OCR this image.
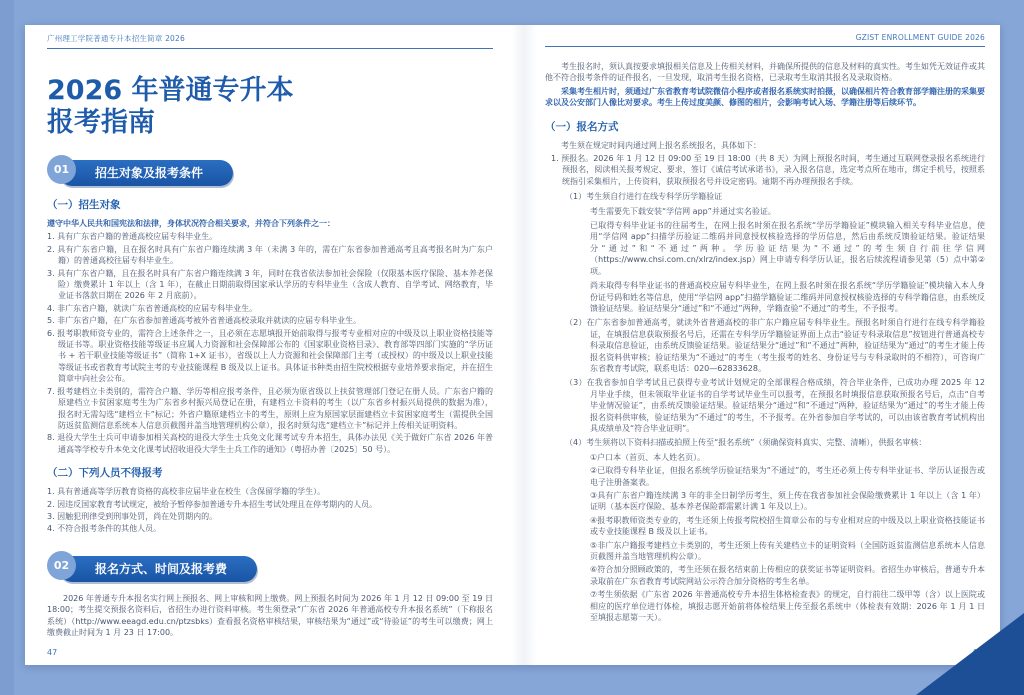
广州理工学院普通专升本招生简章 2026
2026 年普通专升本
报考指南
招生对象及报考条件
01
（一）招生对象

遵守中华人民共和国宪法和法律，身体状况符合相关要求，并符合下列条件之一：

1. 具有广东省户籍的普通高校应届专科毕业生。

2. 具有广东省户籍，且在报名时具有广东省户籍连续满 3 年（未满 3 年的，需在广东省参加普通高考且高考报名时为广东户籍）的普通高校往届专科毕业生。

3. 具有广东省户籍，且在报名时具有广东省户籍连续满 3 年，同时在我省依法参加社会保险（仅限基本医疗保险、基本养老保险）缴费累计 1 年以上（含 1 年），在截止日期前取得国家承认学历的专科毕业生（含成人教育、自学考试、网络教育，毕业证书落款日期在 2026 年 2 月底前）。

4. 非广东省户籍，就读广东省普通高校的应届专科毕业生。

5. 非广东省户籍，在广东省参加普通高考被外省普通高校录取并就读的应届专科毕业生。

6. 报考职教师资专业的，需符合上述条件之一，且必须在志愿填报开始前取得与报考专业相对应的中级及以上职业资格技能等级证书等。职业资格技能等级证书应属人力资源和社会保障部公布的《国家职业资格目录》、教育部等四部门实施的“学历证书 + 若干职业技能等级证书”（简称 1+X 证书），省级以上人力资源和社会保障部门主考（或授权）的中级及以上职业技能等级证书或省教育考试院主考的专业技能课程 B 级及以上证书。具体证书种类由招生院校根据专业培养要求指定，并在招生简章中向社会公布。

7. 报考建档立卡类别的，需符合户籍、学历等相应报考条件，且必须为原省级以上扶贫管理部门登记在册人员。广东省户籍的原建档立卡贫困家庭考生为广东省乡村振兴局登记在册，有建档立卡资料的考生（以广东省乡村振兴局提供的数据为准），报名时无需勾选“建档立卡”标记；外省户籍原建档立卡的考生，原则上应为原国家层面建档立卡贫困家庭考生（需提供全国防返贫监测信息系统本人信息页截图并盖当地管理机构公章），报名时须勾选“建档立卡”标记并上传相关证明资料。

8. 退役大学生士兵可申请参加相关高校的退役大学生士兵免文化课考试专升本招生，具体办法见《关于做好广东省 2026 年普通高等学校专升本免文化课考试招收退役大学生士兵工作的通知》（粤招办普〔2025〕50 号）。

（二）下列人员不得报考

1. 具有普通高等学历教育资格的高校非应届毕业在校生（含保留学籍的学生）。

2. 因违反国家教育考试规定，被给予暂停参加普通专升本招生考试处理且在停考期内的人员。

3. 因触犯刑律受到刑事处罚，尚在处罚期内的。

4. 不符合报考条件的其他人员。

报名方式、时间及报考费
02

2026 年普通专升本报名实行网上预报名、网上审核和网上缴费。网上预报名时间为 2026 年 1 月 12 日 09:00 至 19 日 18:00；考生提交预报名资料后，省招生办进行资料审核。考生须登录“广东省 2026 年普通高校专升本报名系统”（下称报名系统）（http://www.eeagd.edu.cn/ptzsbks）查看报名资格审核结果，审核结果为“通过”或“待验证”的考生可以缴费；网上缴费截止时间为 1 月 23 日 17:00。

GZIST ENROLLMENT GUIDE 2026

考生报名时，须认真按要求填报相关信息及上传相关材料，并确保所提供的信息及材料的真实性。考生如凭无效证件或其他不符合报考条件的证件报名，一旦发现，取消考生报名资格，已录取考生取消其报名及录取资格。

采集考生相片时，须通过广东省教育考试院微信小程序或者报名系统实时拍摄，以确保相片符合教育部学籍注册的采集要求以及公安部门人像比对要求。考生上传过度美颜、修图的相片，会影响考试入场、学籍注册等后续环节。

（一）报名方式

考生须在规定时间内通过网上报名系统报名，具体如下：

1. 预报名。2026 年 1 月 12 日 09:00 至 19 日 18:00（共 8 天）为网上预报名时间，考生通过互联网登录报名系统进行预报名，阅读相关报考规定、要求，签订《诚信考试承诺书》，录入报名信息，选定考点所在地市，绑定手机号，按照系统指引采集相片，上传资料，获取预报名号并设定密码。逾期不再办理预报名手续。

（1）考生须自行进行在线专科学历学籍验证

考生需要先下载安装“学信网 app”并通过实名验证。

已取得专科毕业证书的往届考生，在网上报名时须在报名系统“学历学籍验证”模块输入相关专科毕业信息，使用“学信网 app”扫描学历验证二维码并同意授权核验选择的学历信息，然后由系统反馈验证结果。验证结果分“通过”和“不通过”两种。学历验证结果为“不通过”的考生须自行前往学信网（https://www.chsi.com.cn/xlrz/index.jsp）网上申请专科学历认证，报名后续流程请参见第（5）点中第②项。

尚未取得专科毕业证书的普通高校应届专科毕业生，在网上报名时须在报名系统“学历学籍验证”模块输入本人身份证号码和姓名等信息，使用“学信网 app”扫描学籍验证二维码并同意授权核验选择的专科学籍信息，由系统反馈验证结果。验证结果分“通过”和“不通过”两种，学籍查验“不通过”的考生，不予报考。

（2）在广东省参加普通高考，就读外省普通高校的非广东户籍应届专科毕业生。预报名时须自行进行在线专科学籍验证，在填报信息获取预报名号后，还需在专科学历学籍验证界面上点击“验证专科录取信息”按钮进行普通高校专科录取信息验证，由系统反馈验证结果。验证结果分“通过”和“不通过”两种，验证结果为“通过”的考生才能上传报名资料供审核；验证结果为“不通过”的考生（考生报考的姓名、身份证号与专科录取时的不相符），可咨询广东省教育考试院，联系电话：020—62833628。

（3）在我省参加自学考试且已获得专业考试计划规定的全部课程合格成绩，符合毕业条件，已成功办理 2025 年 12 月毕业手续，但未领取毕业证书的自学考试毕业生可以报考，在预报名时填报信息获取预报名号后，点击“自考毕业情况验证”，由系统反馈验证结果。验证结果分“通过”和“不通过”两种，验证结果为“通过”的考生才能上传报名资料供审核，验证结果为“不通过”的考生，不予报考。在外省参加自学考试的，可以由该省教育考试机构出具成绩单及“符合毕业证明”。

（4）考生须将以下资料扫描或拍照上传至“报名系统”（须确保资料真实、完整、清晰），供报名审核：

①户口本（首页、本人姓名页）。

②已取得专科毕业证，但报名系统学历验证结果为“不通过”的，考生还必须上传专科毕业证书、学历认证报告或电子注册备案表。

③具有广东省户籍连续满 3 年的非全日制学历考生，须上传在我省参加社会保险缴费累计 1 年以上（含 1 年）证明（基本医疗保险、基本养老保险都需累计满 1 年及以上）。

④报考职教师资类专业的，考生还须上传报考院校招生简章公布的与专业相对应的中级及以上职业资格技能证书或专业技能课程 B 级及以上证书。

⑤非广东户籍报考建档立卡类别的，考生还须上传有关建档立卡的证明资料（全国防返贫监测信息系统本人信息页截图并盖当地管理机构公章）。

⑥符合加分照顾政策的，考生还须在报名结束前上传相应的获奖证书等证明资料。省招生办审核后，普通专升本录取前在广东省教育考试院网站公示符合加分资格的考生名单。

⑦考生须依据《广东省 2026 年普通高校专升本招生体格检查表》的规定，自行前往二级甲等（含）以上医院或相应的医疗单位进行体检，填报志愿开始前将体检结果上传至报名系统中（体检表有效期：2026 年 1 月 1 日至填报志愿第一天）。

47
